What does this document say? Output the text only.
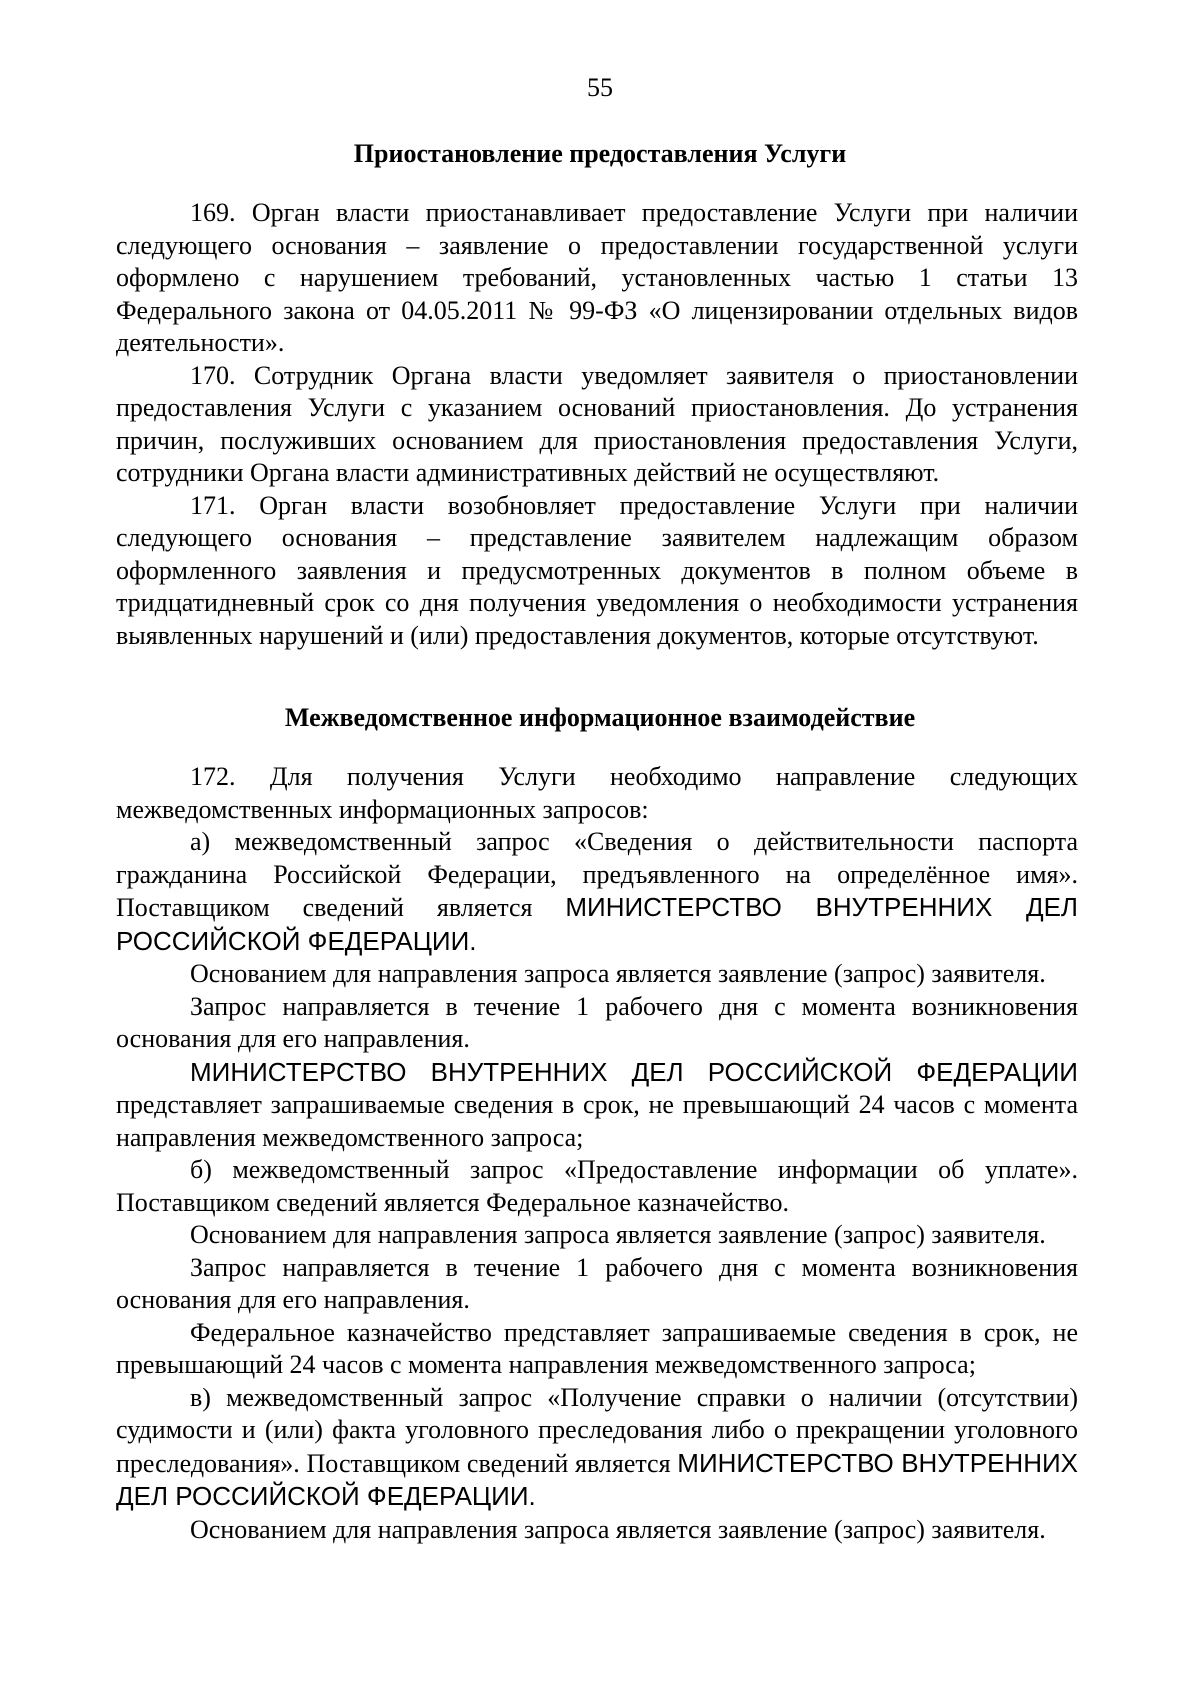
55
Приостановление предоставления Услуги

169. Орган власти приостанавливает предоставление Услуги при наличии следующего основания – заявление о предоставлении государственной услуги оформлено с нарушением требований, установленных частью 1 статьи 13 Федерального закона от 04.05.2011 № 99-ФЗ «О лицензировании отдельных видов деятельности».

170. Сотрудник Органа власти уведомляет заявителя о приостановлении предоставления Услуги с указанием оснований приостановления. До устранения причин, послуживших основанием для приостановления предоставления Услуги, сотрудники Органа власти административных действий не осуществляют.

171. Орган власти возобновляет предоставление Услуги при наличии следующего основания – представление заявителем надлежащим образом оформленного заявления и предусмотренных документов в полном объеме в тридцатидневный срок со дня получения уведомления о необходимости устранения выявленных нарушений и (или) предоставления документов, которые отсутствуют.

Межведомственное информационное взаимодействие

172. Для получения Услуги необходимо направление следующих межведомственных информационных запросов:

а) межведомственный запрос «Сведения о действительности паспорта гражданина Российской Федерации, предъявленного на определённое имя». Поставщиком сведений является МИНИСТЕРСТВО ВНУТРЕННИХ ДЕЛ РОССИЙСКОЙ ФЕДЕРАЦИИ.

Основанием для направления запроса является заявление (запрос) заявителя.

Запрос направляется в течение 1 рабочего дня с момента возникновения основания для его направления.

МИНИСТЕРСТВО ВНУТРЕННИХ ДЕЛ РОССИЙСКОЙ ФЕДЕРАЦИИ представляет запрашиваемые сведения в срок, не превышающий 24 часов с момента направления межведомственного запроса;

б) межведомственный запрос «Предоставление информации об уплате». Поставщиком сведений является Федеральное казначейство.

Основанием для направления запроса является заявление (запрос) заявителя.

Запрос направляется в течение 1 рабочего дня с момента возникновения основания для его направления.

Федеральное казначейство представляет запрашиваемые сведения в срок, не превышающий 24 часов с момента направления межведомственного запроса;

в) межведомственный запрос «Получение справки о наличии (отсутствии) судимости и (или) факта уголовного преследования либо о прекращении уголовного преследования». Поставщиком сведений является МИНИСТЕРСТВО ВНУТРЕННИХ ДЕЛ РОССИЙСКОЙ ФЕДЕРАЦИИ.

Основанием для направления запроса является заявление (запрос) заявителя.
